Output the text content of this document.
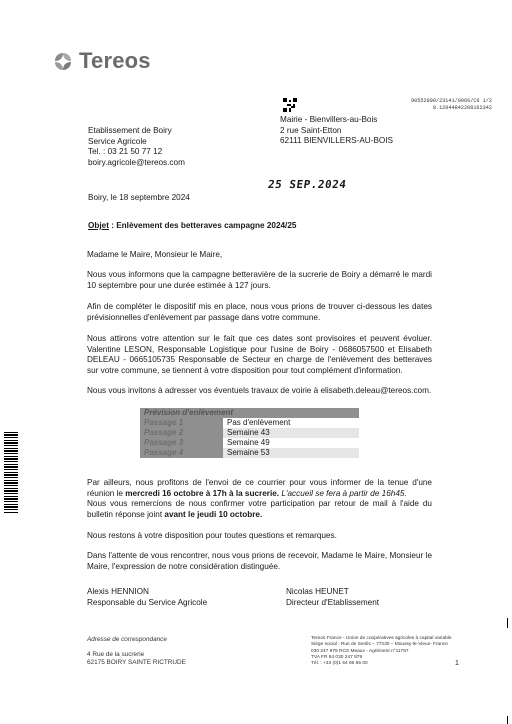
Tereos
90552899/23141/0066/C6 1/2
0.12044842208162342
Mairie - Bienvillers-au-Bois
2 rue Saint-Etton
62111 BIENVILLERS-AU-BOIS
Etablissement de Boiry
Service Agricole
Tel. : 03 21 50 77 12
boiry.agricole@tereos.com
25 SEP.2024
Boiry, le 18 septembre 2024
Objet : Enlèvement des betteraves campagne 2024/25
Madame le Maire, Monsieur le Maire,
Nous vous informons que la campagne betteravière de la sucrerie de Boiry a démarré le mardi 10 septembre pour une durée estimée à 127 jours.
Afin de compléter le dispositif mis en place, nous vous prions de trouver ci-dessous les dates prévisionnelles d'enlèvement par passage dans votre commune.
Nous attirons votre attention sur le fait que ces dates sont provisoires et peuvent évoluer. Valentine LESON, Responsable Logistique pour l'usine de Boiry - 0686057500 et Elisabeth DELEAU - 0665105735 Responsable de Secteur en charge de l'enlèvement des betteraves sur votre commune, se tiennent à votre disposition pour tout complément d'information.
Nous vous invitons à adresser vos éventuels travaux de voirie à elisabeth.deleau@tereos.com.
Prévision d'enlèvement	
Passage 1	Pas d'enlèvement
Passage 2	Semaine 43
Passage 3	Semaine 49
Passage 4	Semaine 53
Par ailleurs, nous profitons de l'envoi de ce courrier pour vous informer de la tenue d'une réunion le mercredi 16 octobre à 17h à la sucrerie. L'accueil se fera à partir de 16h45.
Nous vous remercions de nous confirmer votre participation par retour de mail à l'aide du bulletin réponse joint avant le jeudi 10 octobre.
Nous restons à votre disposition pour toutes questions et remarques.
Dans l'attente de vous rencontrer, nous vous prions de recevoir, Madame le Maire, Monsieur le Maire, l'expression de notre considération distinguée.
Alexis HENNION
Responsable du Service Agricole
Nicolas HEUNET
Directeur d'Etablissement
Adresse de correspondance
4 Rue de la sucrerie
62175 BOIRY SAINTE RICTRUDE
Tereos France - Union de coopératives agricoles à capital variable
Siège social : Rue de Senlis – 77230 – Moussy-le-Vieux- France
030 247 979 RCS Meaux - Agrément n°11787
TVA FR 64 030 247 979
Tél. : +33 (0)1 64 86 55 00	1
